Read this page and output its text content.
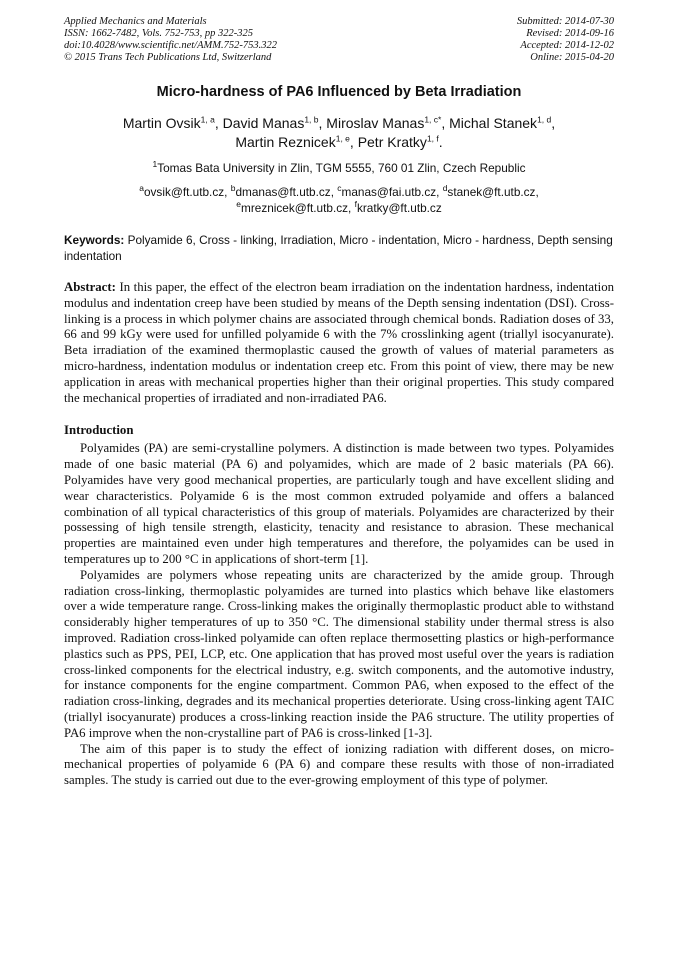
Applied Mechanics and Materials
ISSN: 1662-7482, Vols. 752-753, pp 322-325
doi:10.4028/www.scientific.net/AMM.752-753.322
© 2015 Trans Tech Publications Ltd, Switzerland
Submitted: 2014-07-30
Revised: 2014-09-16
Accepted: 2014-12-02
Online: 2015-04-20
Micro-hardness of PA6 Influenced by Beta Irradiation
Martin Ovsik$^{1, a}$, David Manas$^{1, b}$, Miroslav Manas$^{1, c*}$, Michal Stanek$^{1, d}$,
Martin Reznicek$^{1, e}$, Petr Kratky$^{1, f}$.
$^1$Tomas Bata University in Zlin, TGM 5555, 760 01 Zlin, Czech Republic
$^a$ovsik@ft.utb.cz, $^b$dmanas@ft.utb.cz, $^c$manas@fai.utb.cz, $^d$stanek@ft.utb.cz,
$^e$mreznicek@ft.utb.cz, $^f$kratky@ft.utb.cz
Keywords: Polyamide 6, Cross - linking, Irradiation, Micro - indentation, Micro - hardness, Depth sensing indentation
Abstract: In this paper, the effect of the electron beam irradiation on the indentation hardness, indentation modulus and indentation creep have been studied by means of the Depth sensing indentation (DSI). Cross-linking is a process in which polymer chains are associated through chemical bonds. Radiation doses of 33, 66 and 99 kGy were used for unfilled polyamide 6 with the 7% crosslinking agent (triallyl isocyanurate). Beta irradiation of the examined thermoplastic caused the growth of values of material parameters as micro-hardness, indentation modulus or indentation creep etc. From this point of view, there may be new application in areas with mechanical properties higher than their original properties. This study compared the mechanical properties of irradiated and non-irradiated PA6.
Introduction

Polyamides (PA) are semi-crystalline polymers. A distinction is made between two types. Polyamides made of one basic material (PA 6) and polyamides, which are made of 2 basic materials (PA 66). Polyamides have very good mechanical properties, are particularly tough and have excellent sliding and wear characteristics. Polyamide 6 is the most common extruded polyamide and offers a balanced combination of all typical characteristics of this group of materials. Polyamides are characterized by their possessing of high tensile strength, elasticity, tenacity and resistance to abrasion. These mechanical properties are maintained even under high temperatures and therefore, the polyamides can be used in temperatures up to 200 °C in applications of short-term [1].

Polyamides are polymers whose repeating units are characterized by the amide group. Through radiation cross-linking, thermoplastic polyamides are turned into plastics which behave like elastomers over a wide temperature range. Cross-linking makes the originally thermoplastic product able to withstand considerably higher temperatures of up to 350 °C. The dimensional stability under thermal stress is also improved. Radiation cross-linked polyamide can often replace thermosetting plastics or high-performance plastics such as PPS, PEI, LCP, etc. One application that has proved most useful over the years is radiation cross-linked components for the electrical industry, e.g. switch components, and the automotive industry, for instance components for the engine compartment. Common PA6, when exposed to the effect of the radiation cross-linking, degrades and its mechanical properties deteriorate. Using cross-linking agent TAIC (triallyl isocyanurate) produces a cross-linking reaction inside the PA6 structure. The utility properties of PA6 improve when the non-crystalline part of PA6 is cross-linked [1-3].

The aim of this paper is to study the effect of ionizing radiation with different doses, on micro-mechanical properties of polyamide 6 (PA 6) and compare these results with those of non-irradiated samples. The study is carried out due to the ever-growing employment of this type of polymer.
